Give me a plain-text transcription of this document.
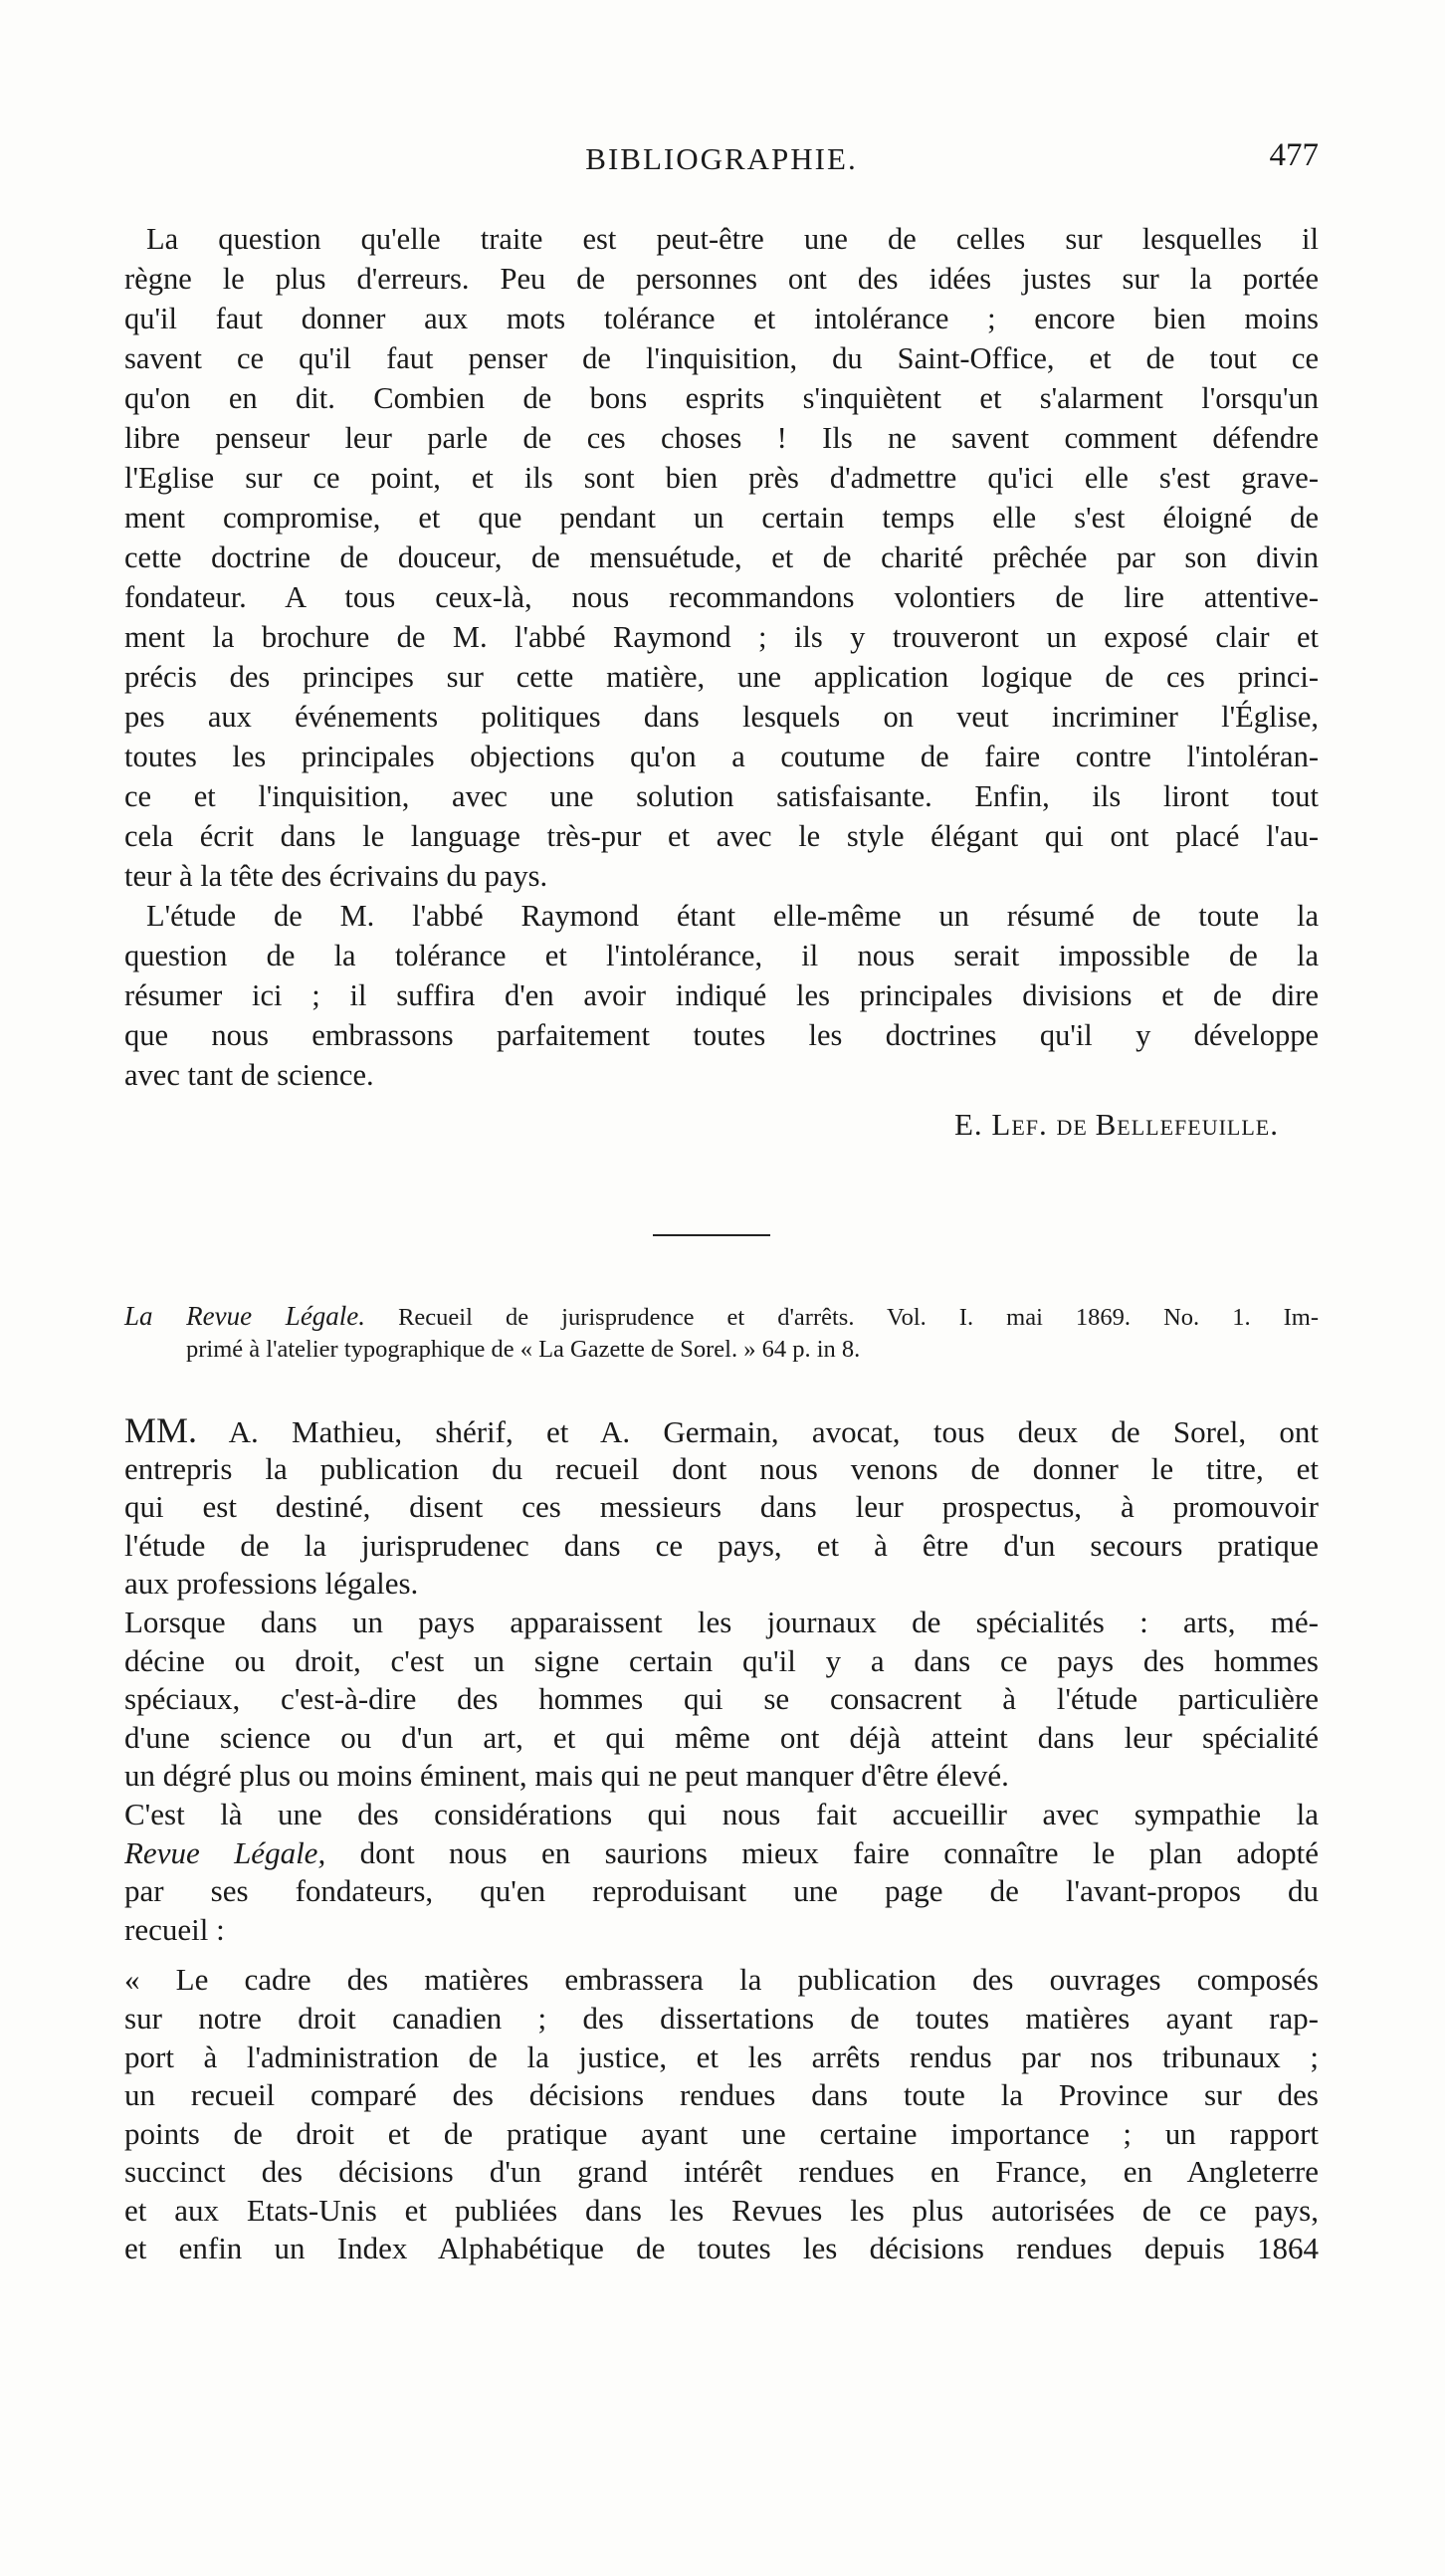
BIBLIOGRAPHIE.	477
La question qu'elle traite est peut-être une de celles sur lesquelles il
règne le plus d'erreurs. Peu de personnes ont des idées justes sur la portée
qu'il faut donner aux mots tolérance et intolérance ; encore bien moins
savent ce qu'il faut penser de l'inquisition, du Saint-Office, et de tout ce
qu'on en dit. Combien de bons esprits s'inquiètent et s'alarment l'orsqu'un
libre penseur leur parle de ces choses ! Ils ne savent comment défendre
l'Eglise sur ce point, et ils sont bien près d'admettre qu'ici elle s'est grave-
ment compromise, et que pendant un certain temps elle s'est éloigné de
cette doctrine de douceur, de mensuétude, et de charité prêchée par son divin
fondateur. A tous ceux-là, nous recommandons volontiers de lire attentive-
ment la brochure de M. l'abbé Raymond ; ils y trouveront un exposé clair et
précis des principes sur cette matière, une application logique de ces princi-
pes aux événements politiques dans lesquels on veut incriminer l'Église,
toutes les principales objections qu'on a coutume de faire contre l'intoléran-
ce et l'inquisition, avec une solution satisfaisante. Enfin, ils liront tout
cela écrit dans le language très-pur et avec le style élégant qui ont placé l'au-
teur à la tête des écrivains du pays.
L'étude de M. l'abbé Raymond étant elle-même un résumé de toute la
question de la tolérance et l'intolérance, il nous serait impossible de la
résumer ici ; il suffira d'en avoir indiqué les principales divisions et de dire
que nous embrassons parfaitement toutes les doctrines qu'il y développe
avec tant de science.
E. Lef. de Bellefeuille.
La Revue Légale. Recueil de jurisprudence et d'arrêts. Vol. I. mai 1869. No. 1. Im-
primé à l'atelier typographique de « La Gazette de Sorel. » 64 p. in 8.
MM. A. Mathieu, shérif, et A. Germain, avocat, tous deux de Sorel, ont
entrepris la publication du recueil dont nous venons de donner le titre, et
qui est destiné, disent ces messieurs dans leur prospectus, à promouvoir
l'étude de la jurisprudenec dans ce pays, et à être d'un secours pratique
aux professions légales.
Lorsque dans un pays apparaissent les journaux de spécialités : arts, mé-
décine ou droit, c'est un signe certain qu'il y a dans ce pays des hommes
spéciaux, c'est-à-dire des hommes qui se consacrent à l'étude particulière
d'une science ou d'un art, et qui même ont déjà atteint dans leur spécialité
un dégré plus ou moins éminent, mais qui ne peut manquer d'être élevé.
C'est là une des considérations qui nous fait accueillir avec sympathie la
Revue Légale, dont nous en saurions mieux faire connaître le plan adopté
par ses fondateurs, qu'en reproduisant une page de l'avant-propos du
recueil :
« Le cadre des matières embrassera la publication des ouvrages composés
sur notre droit canadien ; des dissertations de toutes matières ayant rap-
port à l'administration de la justice, et les arrêts rendus par nos tribunaux ;
un recueil comparé des décisions rendues dans toute la Province sur des
points de droit et de pratique ayant une certaine importance ; un rapport
succinct des décisions d'un grand intérêt rendues en France, en Angleterre
et aux Etats-Unis et publiées dans les Revues les plus autorisées de ce pays,
et enfin un Index Alphabétique de toutes les décisions rendues depuis 1864
